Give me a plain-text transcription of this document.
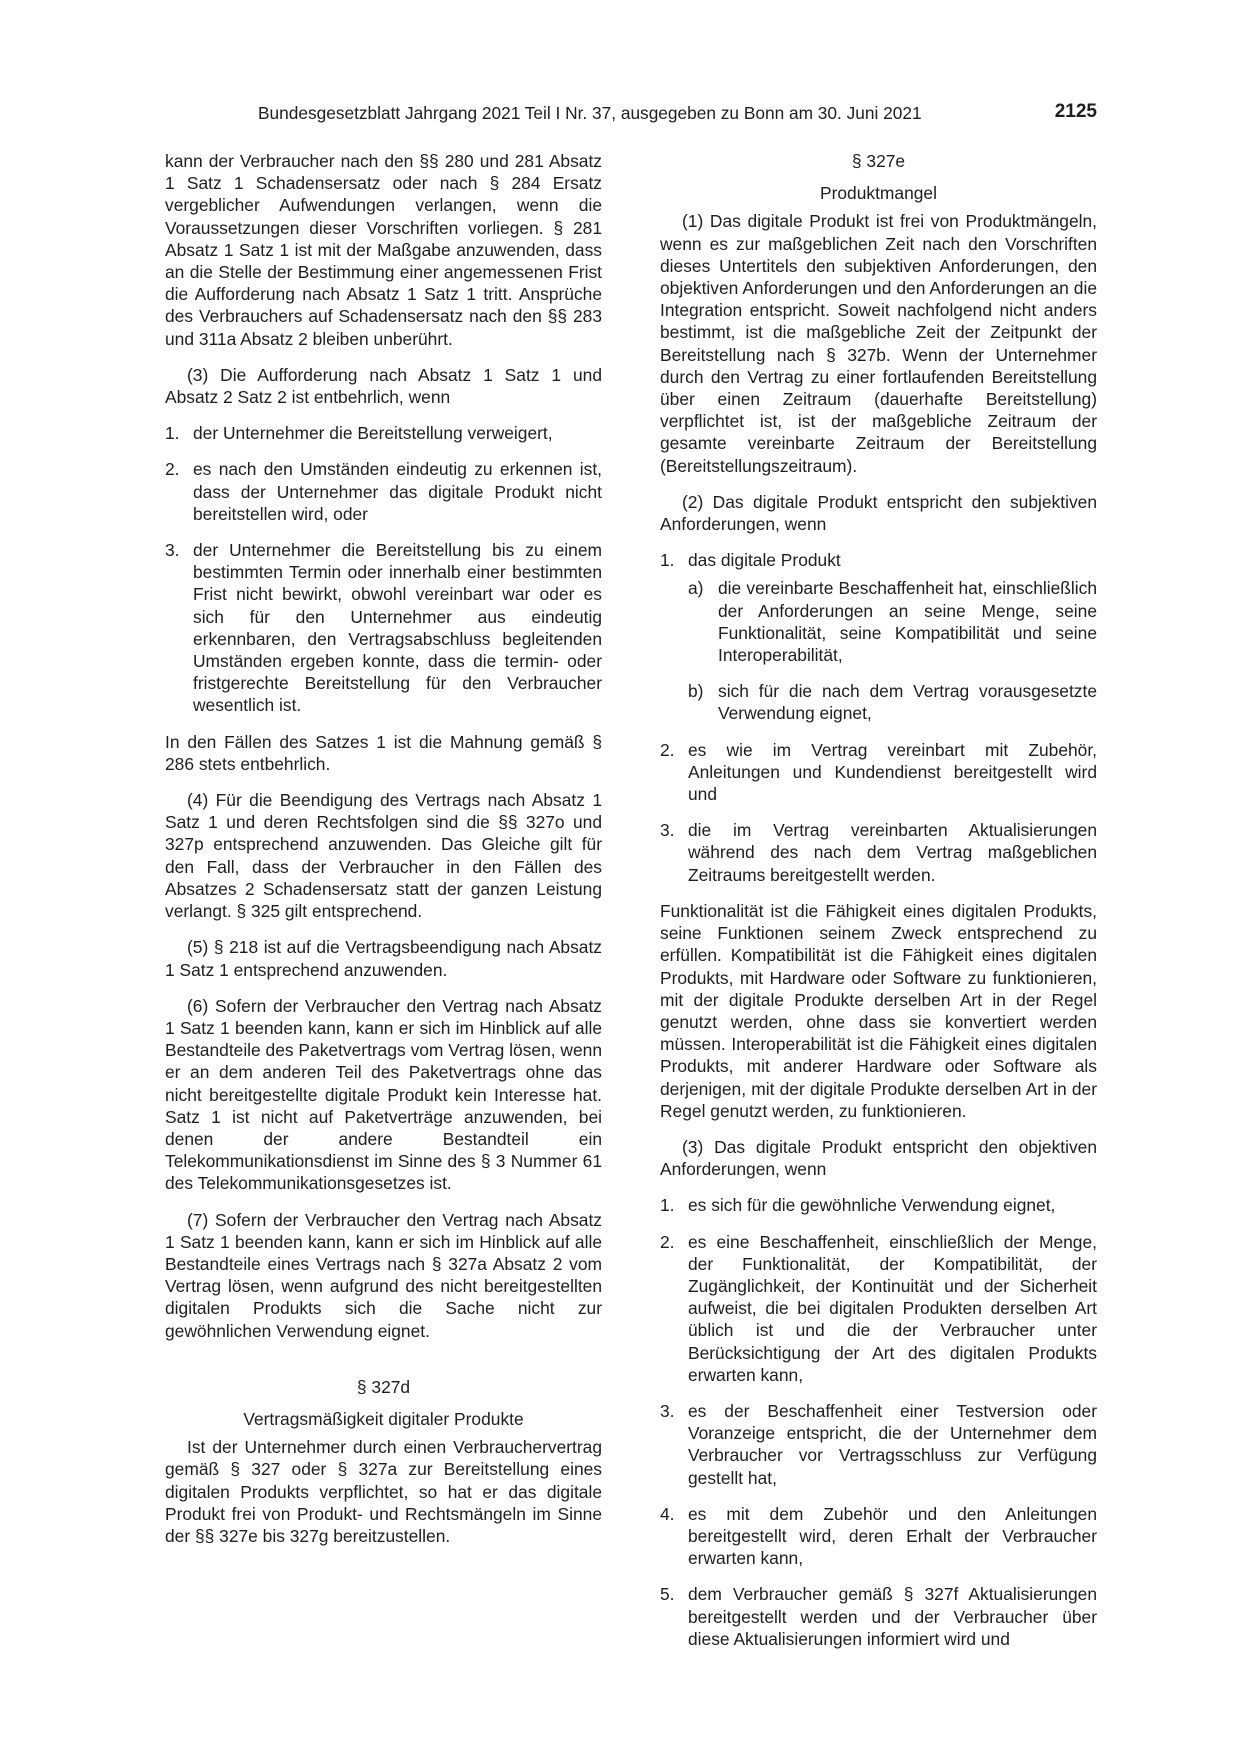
Bundesgesetzblatt Jahrgang 2021 Teil I Nr. 37, ausgegeben zu Bonn am 30. Juni 2021	2125

kann der Verbraucher nach den §§ 280 und 281 Absatz 1 Satz 1 Schadensersatz oder nach § 284 Ersatz vergeblicher Aufwendungen verlangen, wenn die Voraussetzungen dieser Vorschriften vorliegen. § 281 Absatz 1 Satz 1 ist mit der Maßgabe anzuwenden, dass an die Stelle der Bestimmung einer angemessenen Frist die Aufforderung nach Absatz 1 Satz 1 tritt. Ansprüche des Verbrauchers auf Schadensersatz nach den §§ 283 und 311a Absatz 2 bleiben unberührt.

(3) Die Aufforderung nach Absatz 1 Satz 1 und Absatz 2 Satz 2 ist entbehrlich, wenn

1. der Unternehmer die Bereitstellung verweigert,
2. es nach den Umständen eindeutig zu erkennen ist, dass der Unternehmer das digitale Produkt nicht bereitstellen wird, oder
3. der Unternehmer die Bereitstellung bis zu einem bestimmten Termin oder innerhalb einer bestimmten Frist nicht bewirkt, obwohl vereinbart war oder es sich für den Unternehmer aus eindeutig erkennbaren, den Vertragsabschluss begleitenden Umständen ergeben konnte, dass die termin- oder fristgerechte Bereitstellung für den Verbraucher wesentlich ist.

In den Fällen des Satzes 1 ist die Mahnung gemäß § 286 stets entbehrlich.

(4) Für die Beendigung des Vertrags nach Absatz 1 Satz 1 und deren Rechtsfolgen sind die §§ 327o und 327p entsprechend anzuwenden. Das Gleiche gilt für den Fall, dass der Verbraucher in den Fällen des Absatzes 2 Schadensersatz statt der ganzen Leistung verlangt. § 325 gilt entsprechend.

(5) § 218 ist auf die Vertragsbeendigung nach Absatz 1 Satz 1 entsprechend anzuwenden.

(6) Sofern der Verbraucher den Vertrag nach Absatz 1 Satz 1 beenden kann, kann er sich im Hinblick auf alle Bestandteile des Paketvertrags vom Vertrag lösen, wenn er an dem anderen Teil des Paketvertrags ohne das nicht bereitgestellte digitale Produkt kein Interesse hat. Satz 1 ist nicht auf Paketverträge anzuwenden, bei denen der andere Bestandteil ein Telekommunikationsdienst im Sinne des § 3 Nummer 61 des Telekommunikationsgesetzes ist.

(7) Sofern der Verbraucher den Vertrag nach Absatz 1 Satz 1 beenden kann, kann er sich im Hinblick auf alle Bestandteile eines Vertrags nach § 327a Absatz 2 vom Vertrag lösen, wenn aufgrund des nicht bereitgestellten digitalen Produkts sich die Sache nicht zur gewöhnlichen Verwendung eignet.

§ 327d
Vertragsmäßigkeit digitaler Produkte

Ist der Unternehmer durch einen Verbrauchervertrag gemäß § 327 oder § 327a zur Bereitstellung eines digitalen Produkts verpflichtet, so hat er das digitale Produkt frei von Produkt- und Rechtsmängeln im Sinne der §§ 327e bis 327g bereitzustellen.

§ 327e
Produktmangel

(1) Das digitale Produkt ist frei von Produktmängeln, wenn es zur maßgeblichen Zeit nach den Vorschriften dieses Untertitels den subjektiven Anforderungen, den objektiven Anforderungen und den Anforderungen an die Integration entspricht. Soweit nachfolgend nicht anders bestimmt, ist die maßgebliche Zeit der Zeitpunkt der Bereitstellung nach § 327b. Wenn der Unternehmer durch den Vertrag zu einer fortlaufenden Bereitstellung über einen Zeitraum (dauerhafte Bereitstellung) verpflichtet ist, ist der maßgebliche Zeitraum der gesamte vereinbarte Zeitraum der Bereitstellung (Bereitstellungszeitraum).

(2) Das digitale Produkt entspricht den subjektiven Anforderungen, wenn

1. das digitale Produkt
a) die vereinbarte Beschaffenheit hat, einschließlich der Anforderungen an seine Menge, seine Funktionalität, seine Kompatibilität und seine Interoperabilität,
b) sich für die nach dem Vertrag vorausgesetzte Verwendung eignet,
2. es wie im Vertrag vereinbart mit Zubehör, Anleitungen und Kundendienst bereitgestellt wird und
3. die im Vertrag vereinbarten Aktualisierungen während des nach dem Vertrag maßgeblichen Zeitraums bereitgestellt werden.

Funktionalität ist die Fähigkeit eines digitalen Produkts, seine Funktionen seinem Zweck entsprechend zu erfüllen. Kompatibilität ist die Fähigkeit eines digitalen Produkts, mit Hardware oder Software zu funktionieren, mit der digitale Produkte derselben Art in der Regel genutzt werden, ohne dass sie konvertiert werden müssen. Interoperabilität ist die Fähigkeit eines digitalen Produkts, mit anderer Hardware oder Software als derjenigen, mit der digitale Produkte derselben Art in der Regel genutzt werden, zu funktionieren.

(3) Das digitale Produkt entspricht den objektiven Anforderungen, wenn

1. es sich für die gewöhnliche Verwendung eignet,
2. es eine Beschaffenheit, einschließlich der Menge, der Funktionalität, der Kompatibilität, der Zugänglichkeit, der Kontinuität und der Sicherheit aufweist, die bei digitalen Produkten derselben Art üblich ist und die der Verbraucher unter Berücksichtigung der Art des digitalen Produkts erwarten kann,
3. es der Beschaffenheit einer Testversion oder Voranzeige entspricht, die der Unternehmer dem Verbraucher vor Vertragsschluss zur Verfügung gestellt hat,
4. es mit dem Zubehör und den Anleitungen bereitgestellt wird, deren Erhalt der Verbraucher erwarten kann,
5. dem Verbraucher gemäß § 327f Aktualisierungen bereitgestellt werden und der Verbraucher über diese Aktualisierungen informiert wird und
